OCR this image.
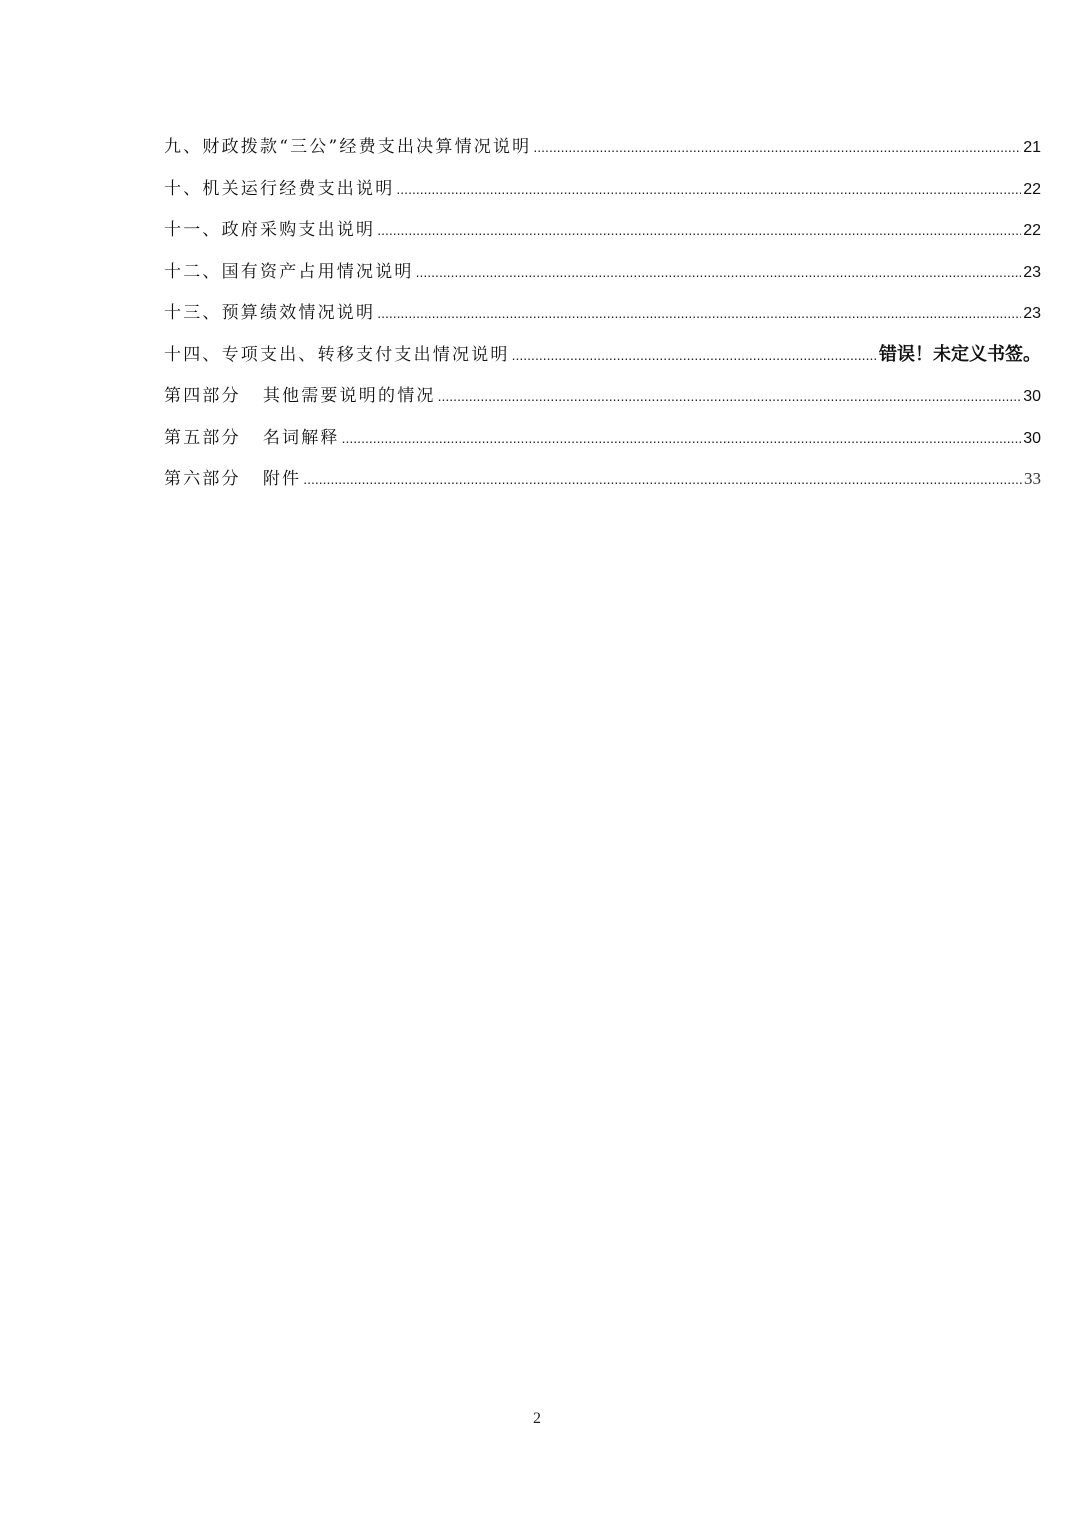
九、财政拨款“三公”经费支出决算情况说明 .....	21
十、机关运行经费支出说明 .....	22
十一、政府采购支出说明 .....	22
十二、国有资产占用情况说明 .....	23
十三、预算绩效情况说明 .....	23
十四、专项支出、转移支付支出情况说明 .....	错误！未定义书签。
第四部分 其他需要说明的情况 .....	30
第五部分 名词解释 .....	30
第六部分 附件 .....	33
2
